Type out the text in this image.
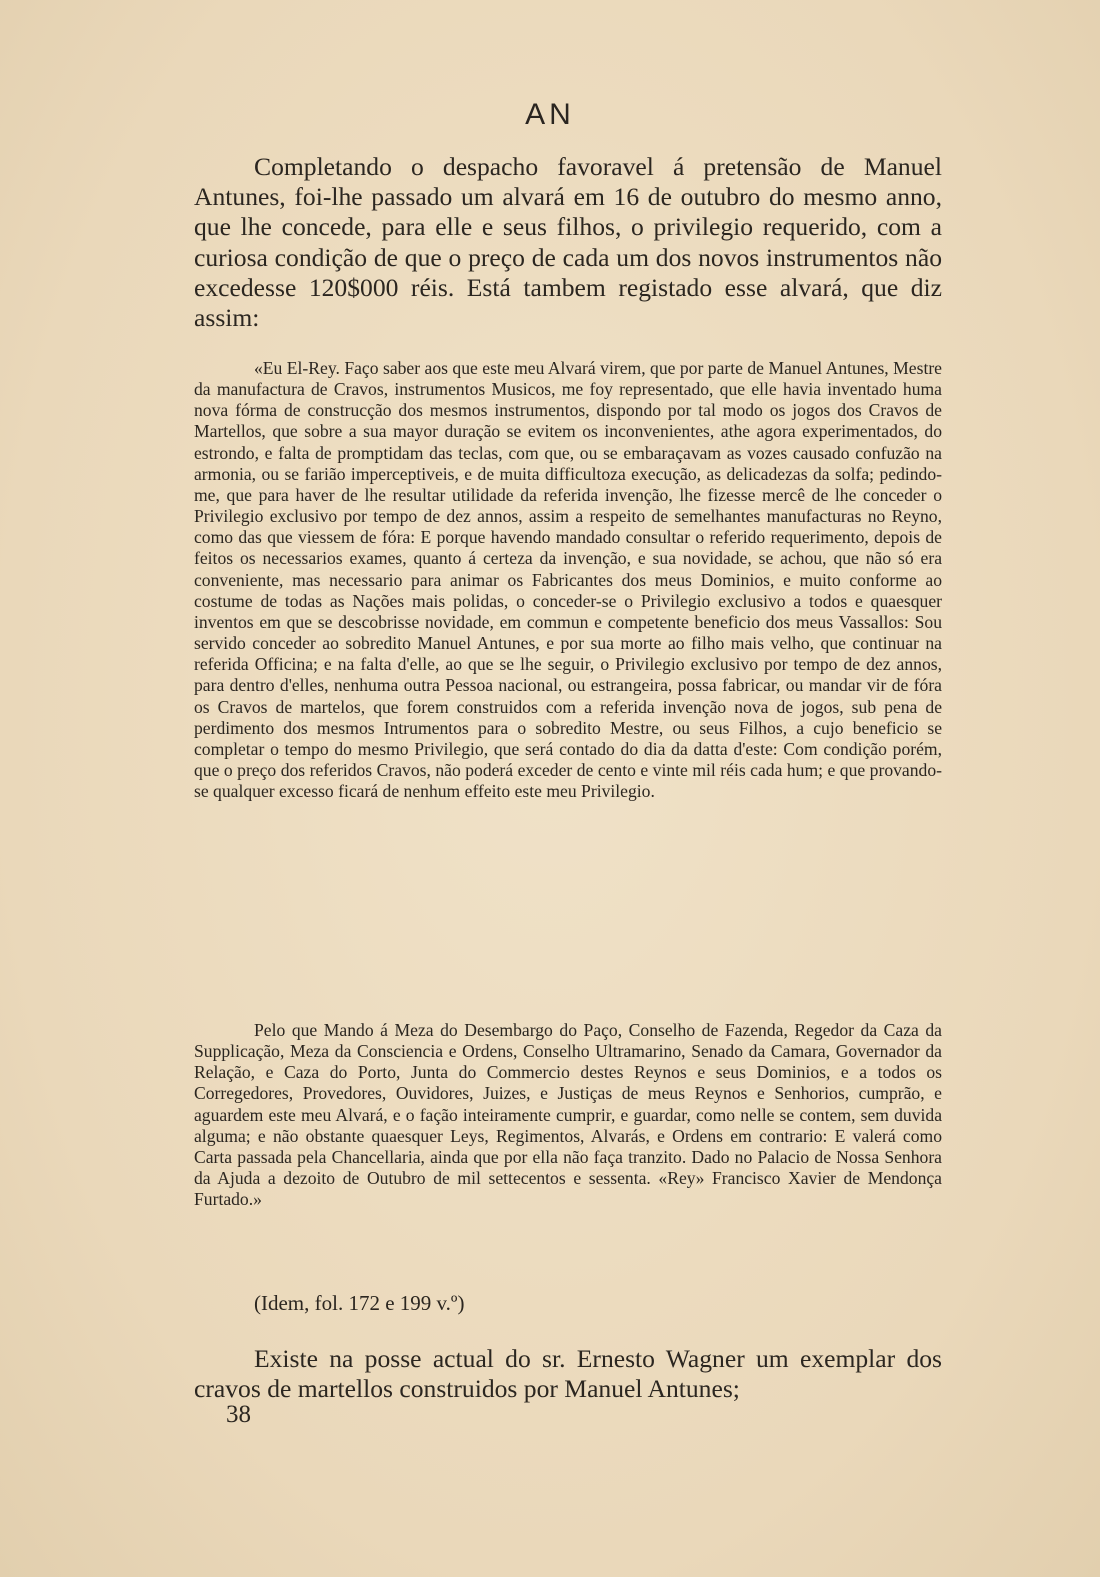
AN

Completando o despacho favoravel á pretensão de Manuel Antunes, foi-lhe passado um alvará em 16 de outubro do mesmo anno, que lhe concede, para elle e seus filhos, o privilegio requerido, com a curiosa condição de que o preço de cada um dos novos instrumentos não excedesse 120$000 réis. Está tambem registado esse alvará, que diz assim:

«Eu El-Rey. Faço saber aos que este meu Alvará virem, que por parte de Manuel Antunes, Mestre da manufactura de Cravos, instrumentos Musicos, me foy representado, que elle havia inventado huma nova fórma de construcção dos mesmos instrumentos, dispondo por tal modo os jogos dos Cravos de Martellos, que sobre a sua mayor duração se evitem os inconvenientes, athe agora experimentados, do estrondo, e falta de promptidam das teclas, com que, ou se embaraçavam as vozes causado confuzão na armonia, ou se farião imperceptiveis, e de muita difficultoza execução, as delicadezas da solfa; pedindo-me, que para haver de lhe resultar utilidade da referida invenção, lhe fizesse mercê de lhe conceder o Privilegio exclusivo por tempo de dez annos, assim a respeito de semelhantes manufacturas no Reyno, como das que viessem de fóra: E porque havendo mandado consultar o referido requerimento, depois de feitos os necessarios exames, quanto á certeza da invenção, e sua novidade, se achou, que não só era conveniente, mas necessario para animar os Fabricantes dos meus Dominios, e muito conforme ao costume de todas as Nações mais polidas, o conceder-se o Privilegio exclusivo a todos e quaesquer inventos em que se descobrisse novidade, em commun e competente beneficio dos meus Vassallos: Sou servido conceder ao sobredito Manuel Antunes, e por sua morte ao filho mais velho, que continuar na referida Officina; e na falta d'elle, ao que se lhe seguir, o Privilegio exclusivo por tempo de dez annos, para dentro d'elles, nenhuma outra Pessoa nacional, ou estrangeira, possa fabricar, ou mandar vir de fóra os Cravos de martelos, que forem construidos com a referida invenção nova de jogos, sub pena de perdimento dos mesmos Intrumentos para o sobredito Mestre, ou seus Filhos, a cujo beneficio se completar o tempo do mesmo Privilegio, que será contado do dia da datta d'este: Com condição porém, que o preço dos referidos Cravos, não poderá exceder de cento e vinte mil réis cada hum; e que provando-se qualquer excesso ficará de nenhum effeito este meu Privilegio.

Pelo que Mando á Meza do Desembargo do Paço, Conselho de Fazenda, Regedor da Caza da Supplicação, Meza da Consciencia e Ordens, Conselho Ultramarino, Senado da Camara, Governador da Relação, e Caza do Porto, Junta do Commercio destes Reynos e seus Dominios, e a todos os Corregedores, Provedores, Ouvidores, Juizes, e Justiças de meus Reynos e Senhorios, cumprão, e aguardem este meu Alvará, e o fação inteiramente cumprir, e guardar, como nelle se contem, sem duvida alguma; e não obstante quaesquer Leys, Regimentos, Alvarás, e Ordens em contrario: E valerá como Carta passada pela Chancellaria, ainda que por ella não faça tranzito. Dado no Palacio de Nossa Senhora da Ajuda a dezoito de Outubro de mil settecentos e sessenta. «Rey» Francisco Xavier de Mendonça Furtado.»

(Idem, fol. 172 e 199 v.º)

Existe na posse actual do sr. Ernesto Wagner um exemplar dos cravos de martellos construidos por Manuel Antunes;

38
